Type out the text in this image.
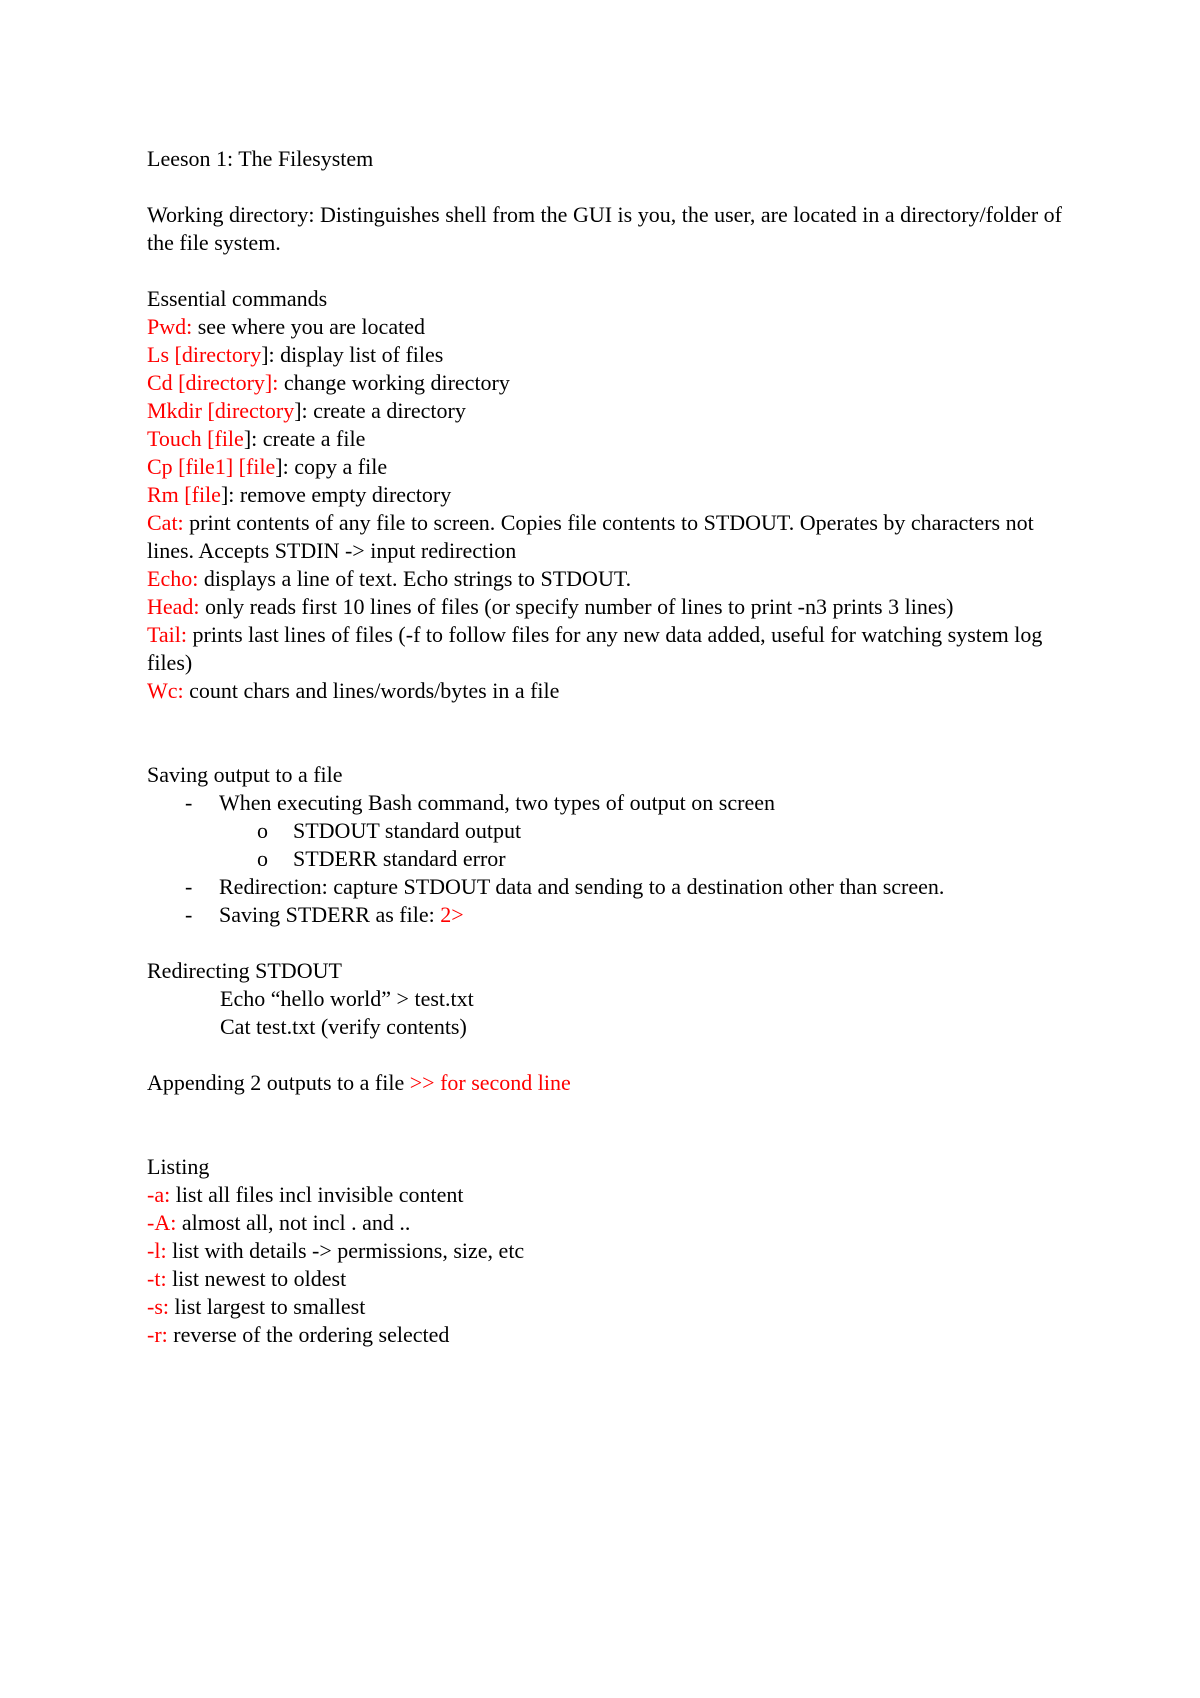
Leeson 1: The Filesystem
Working directory: Distinguishes shell from the GUI is you, the user, are located in a directory/folder of the file system.
Essential commands
Pwd: see where you are located
Ls [directory]: display list of files
Cd [directory]: change working directory
Mkdir [directory]: create a directory
Touch [file]: create a file
Cp [file1] [file]: copy a file
Rm [file]: remove empty directory
Cat: print contents of any file to screen. Copies file contents to STDOUT. Operates by characters not lines. Accepts STDIN -> input redirection
Echo: displays a line of text. Echo strings to STDOUT.
Head: only reads first 10 lines of files (or specify number of lines to print -n3 prints 3 lines)
Tail: prints last lines of files (-f to follow files for any new data added, useful for watching system log files)
Wc: count chars and lines/words/bytes in a file
Saving output to a file
- When executing Bash command, two types of output on screen
o STDOUT standard output
o STDERR standard error
- Redirection: capture STDOUT data and sending to a destination other than screen.
- Saving STDERR as file: 2>
Redirecting STDOUT
Echo “hello world” > test.txt
Cat test.txt (verify contents)
Appending 2 outputs to a file >> for second line
Listing
-a: list all files incl invisible content
-A: almost all, not incl . and ..
-l: list with details -> permissions, size, etc
-t: list newest to oldest
-s: list largest to smallest
-r: reverse of the ordering selected
